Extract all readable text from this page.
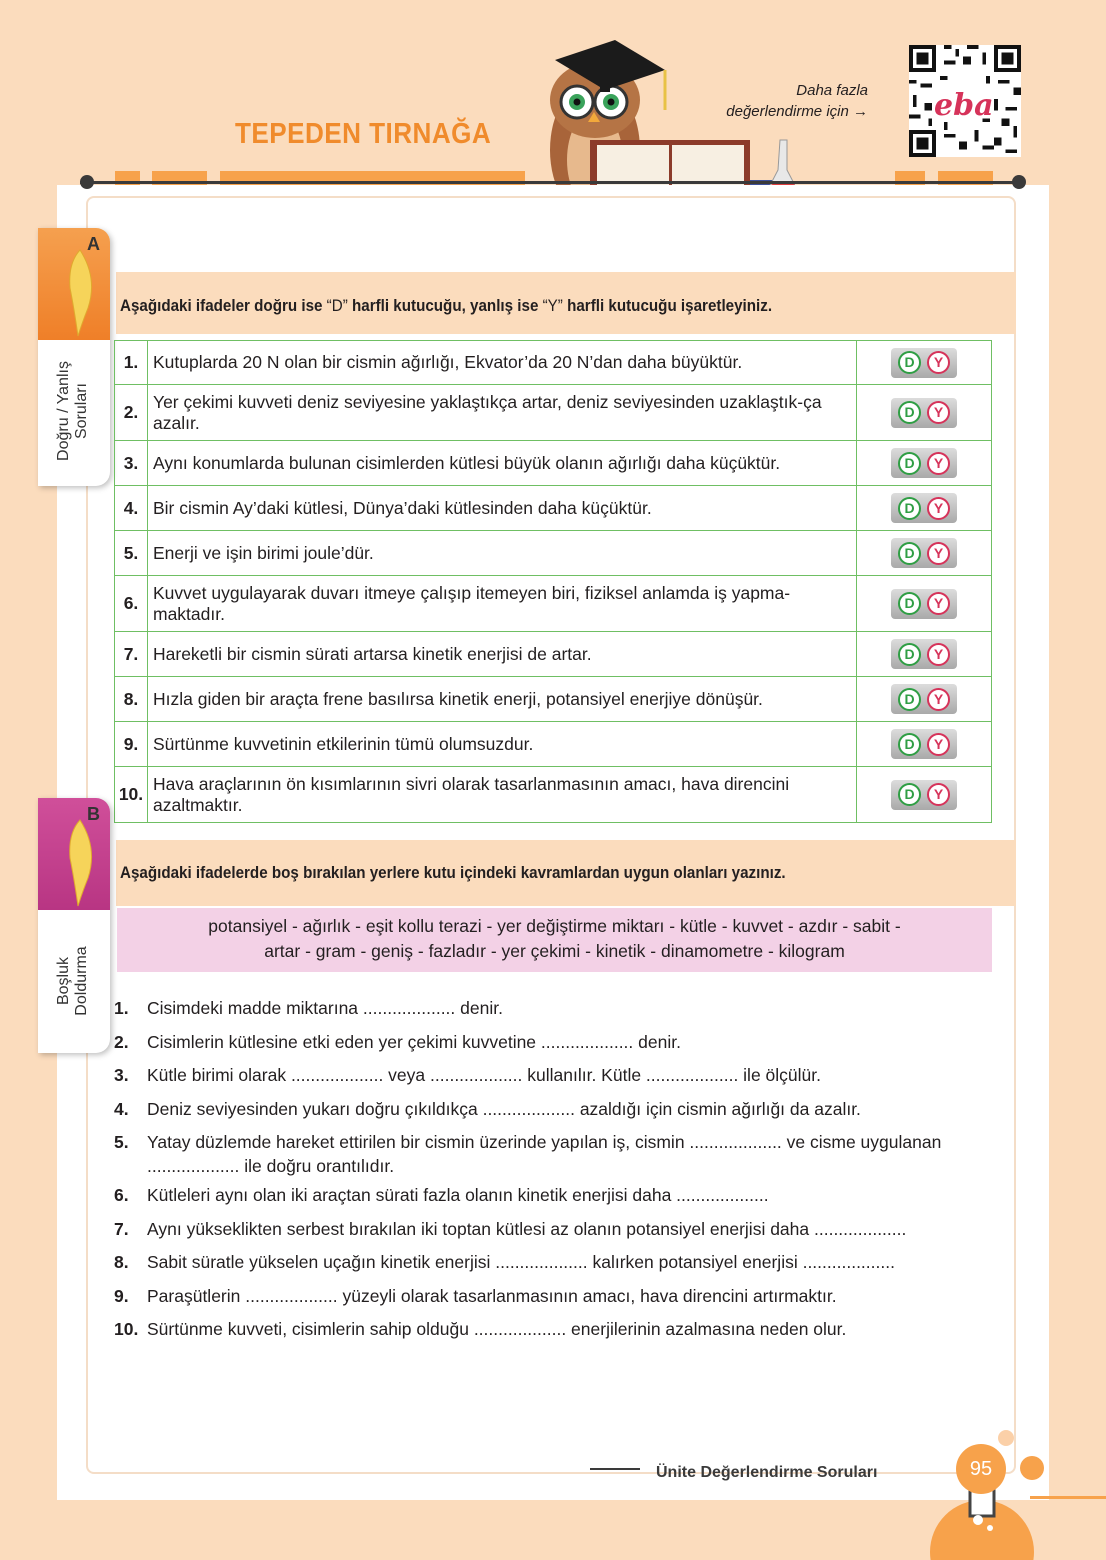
TEPEDEN TIRNAĞA
Daha fazla
değerlendirme için → eba
A
Doğru / Yanlış Soruları
Aşağıdaki ifadeler doğru ise “D” harfli kutucuğu, yanlış ise “Y” harfli kutucuğu işaretleyiniz.
1.	Kutuplarda 20 N olan bir cismin ağırlığı, Ekvator’da 20 N’dan daha büyüktür.	D Y

2.	Yer çekimi kuvveti deniz seviyesine yaklaştıkça artar, deniz seviyesinden uzaklaştık-ça azalır.	D Y

3.	Aynı konumlarda bulunan cisimlerden kütlesi büyük olanın ağırlığı daha küçüktür.	D Y

4.	Bir cismin Ay’daki kütlesi, Dünya’daki kütlesinden daha küçüktür.	D Y

5.	Enerji ve işin birimi joule’dür.	D Y

6.	Kuvvet uygulayarak duvarı itmeye çalışıp itemeyen biri, fiziksel anlamda iş yapma-maktadır.	D Y

7.	Hareketli bir cismin sürati artarsa kinetik enerjisi de artar.	D Y

8.	Hızla giden bir araçta frene basılırsa kinetik enerji, potansiyel enerjiye dönüşür.	D Y

9.	Sürtünme kuvvetinin etkilerinin tümü olumsuzdur.	D Y

10.	Hava araçlarının ön kısımlarının sivri olarak tasarlanmasının amacı, hava direncini azaltmaktır.	D Y
B
Boşluk Doldurma
Aşağıdaki ifadelerde boş bırakılan yerlere kutu içindeki kavramlardan uygun olanları yazınız.
potansiyel - ağırlık - eşit kollu terazi - yer değiştirme miktarı - kütle - kuvvet - azdır - sabit -
artar - gram - geniş - fazladır - yer çekimi - kinetik - dinamometre - kilogram
1.	Cisimdeki madde miktarına ................... denir.
2.	Cisimlerin kütlesine etki eden yer çekimi kuvvetine ................... denir.
3.	Kütle birimi olarak ................... veya ................... kullanılır. Kütle ................... ile ölçülür.
4.	Deniz seviyesinden yukarı doğru çıkıldıkça ................... azaldığı için cismin ağırlığı da azalır.
5.	Yatay düzlemde hareket ettirilen bir cismin üzerinde yapılan iş, cismin ................... ve cisme uygulanan ................... ile doğru orantılıdır.
6.	Kütleleri aynı olan iki araçtan sürati fazla olanın kinetik enerjisi daha ...................
7.	Aynı yükseklikten serbest bırakılan iki toptan kütlesi az olanın potansiyel enerjisi daha ...................
8.	Sabit süratle yükselen uçağın kinetik enerjisi ................... kalırken potansiyel enerjisi ...................
9.	Paraşütlerin ................... yüzeyli olarak tasarlanmasının amacı, hava direncini artırmaktır.
10. Sürtünme kuvveti, cisimlerin sahip olduğu ................... enerjilerinin azalmasına neden olur.
Ünite Değerlendirme Soruları	95
